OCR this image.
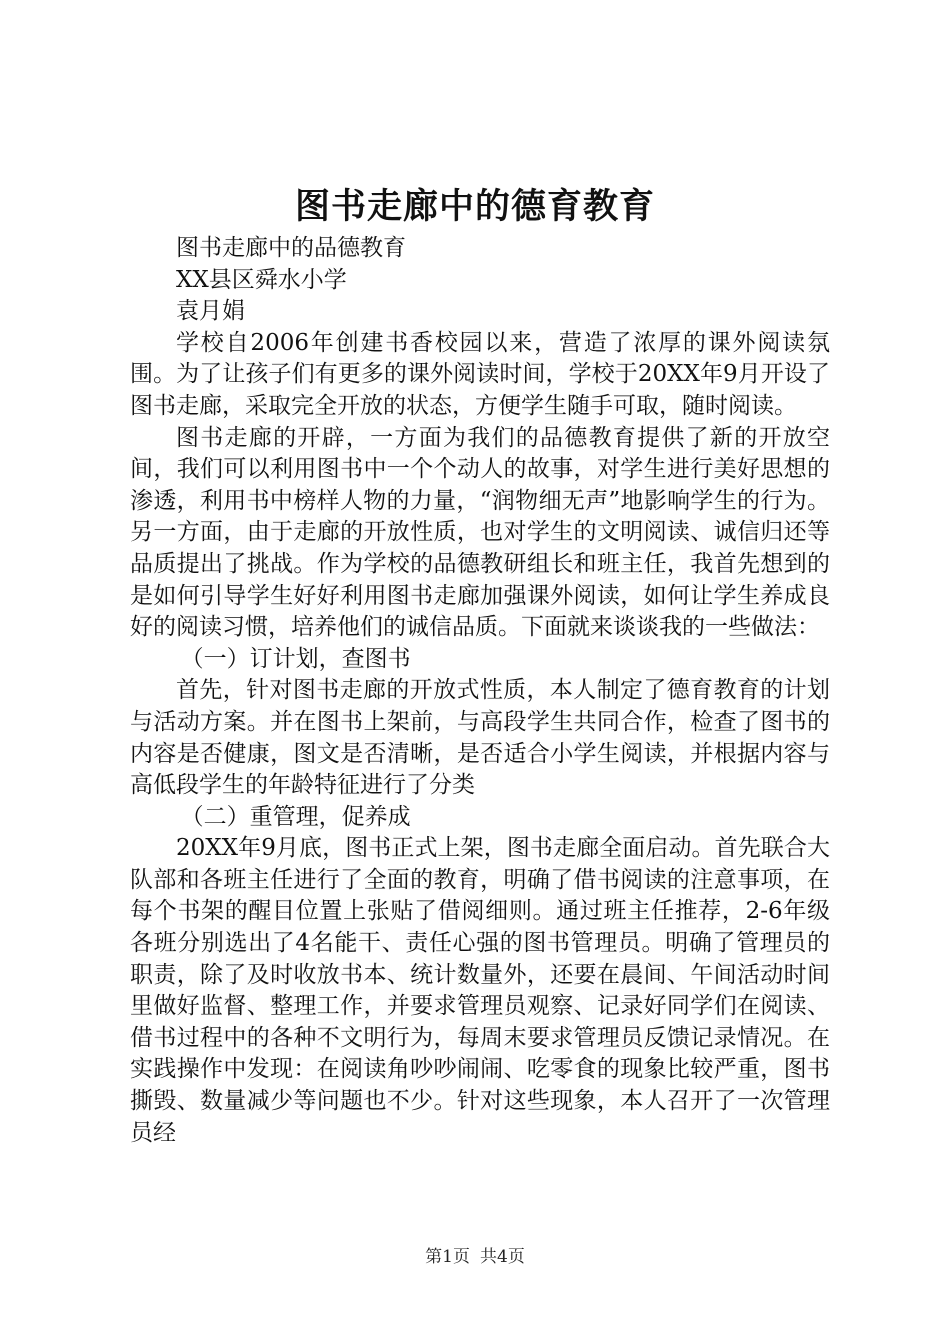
图书走廊中的德育教育

图书走廊中的品德教育

XX县区舜水小学

袁月娟

学校自2006年创建书香校园以来，营造了浓厚的课外阅读氛围。为了让孩子们有更多的课外阅读时间，学校于20XX年9月开设了图书走廊，采取完全开放的状态，方便学生随手可取，随时阅读。

图书走廊的开辟，一方面为我们的品德教育提供了新的开放空间，我们可以利用图书中一个个动人的故事，对学生进行美好思想的渗透，利用书中榜样人物的力量，“润物细无声”地影响学生的行为。另一方面，由于走廊的开放性质，也对学生的文明阅读、诚信归还等品质提出了挑战。作为学校的品德教研组长和班主任，我首先想到的是如何引导学生好好利用图书走廊加强课外阅读，如何让学生养成良好的阅读习惯，培养他们的诚信品质。下面就来谈谈我的一些做法：

（一）订计划，查图书

首先，针对图书走廊的开放式性质，本人制定了德育教育的计划与活动方案。并在图书上架前，与高段学生共同合作，检查了图书的内容是否健康，图文是否清晰，是否适合小学生阅读，并根据内容与高低段学生的年龄特征进行了分类

（二）重管理，促养成

20XX年9月底，图书正式上架，图书走廊全面启动。首先联合大队部和各班主任进行了全面的教育，明确了借书阅读的注意事项，在每个书架的醒目位置上张贴了借阅细则。通过班主任推荐，2-6年级各班分别选出了4名能干、责任心强的图书管理员。明确了管理员的职责，除了及时收放书本、统计数量外，还要在晨间、午间活动时间里做好监督、整理工作，并要求管理员观察、记录好同学们在阅读、借书过程中的各种不文明行为，每周末要求管理员反馈记录情况。在实践操作中发现：在阅读角吵吵闹闹、吃零食的现象比较严重，图书撕毁、数量减少等问题也不少。针对这些现象，本人召开了一次管理员经

第1页 共4页
